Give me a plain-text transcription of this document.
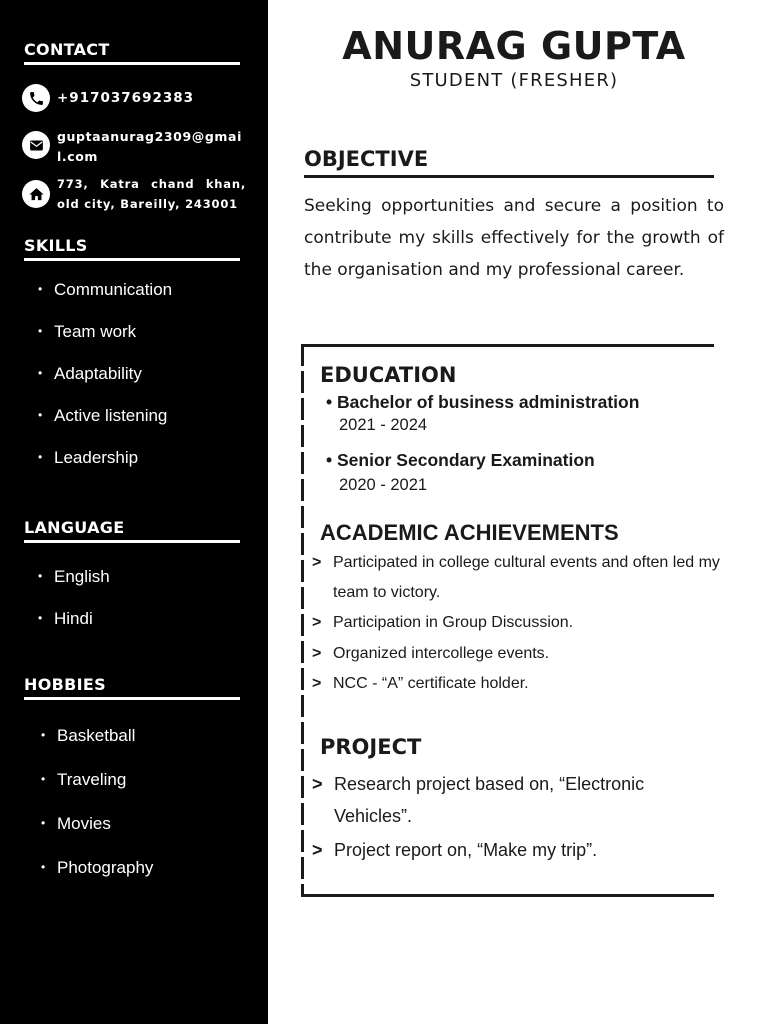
CONTACT
+917037692383
guptaanurag2309@gmail.com
773, Katra chand khan, old city, Bareilly, 243001
SKILLS
• Communication
• Team work
• Adaptability
• Active listening
• Leadership
LANGUAGE
• English
• Hindi
HOBBIES
• Basketball
• Traveling
• Movies
• Photography
ANURAG GUPTA
STUDENT (FRESHER)
OBJECTIVE

Seeking opportunities and secure a position to contribute my skills effectively for the growth of the organisation and my professional career.

EDUCATION
• Bachelor of business administration
2021 - 2024
• Senior Secondary Examination
2020 - 2021
ACADEMIC ACHIEVEMENTS
> Participated in college cultural events and often led my team to victory.
> Participation in Group Discussion.
> Organized intercollege events.
> NCC - “A” certificate holder.
PROJECT
> Research project based on, “Electronic Vehicles”.
> Project report on, “Make my trip”.
